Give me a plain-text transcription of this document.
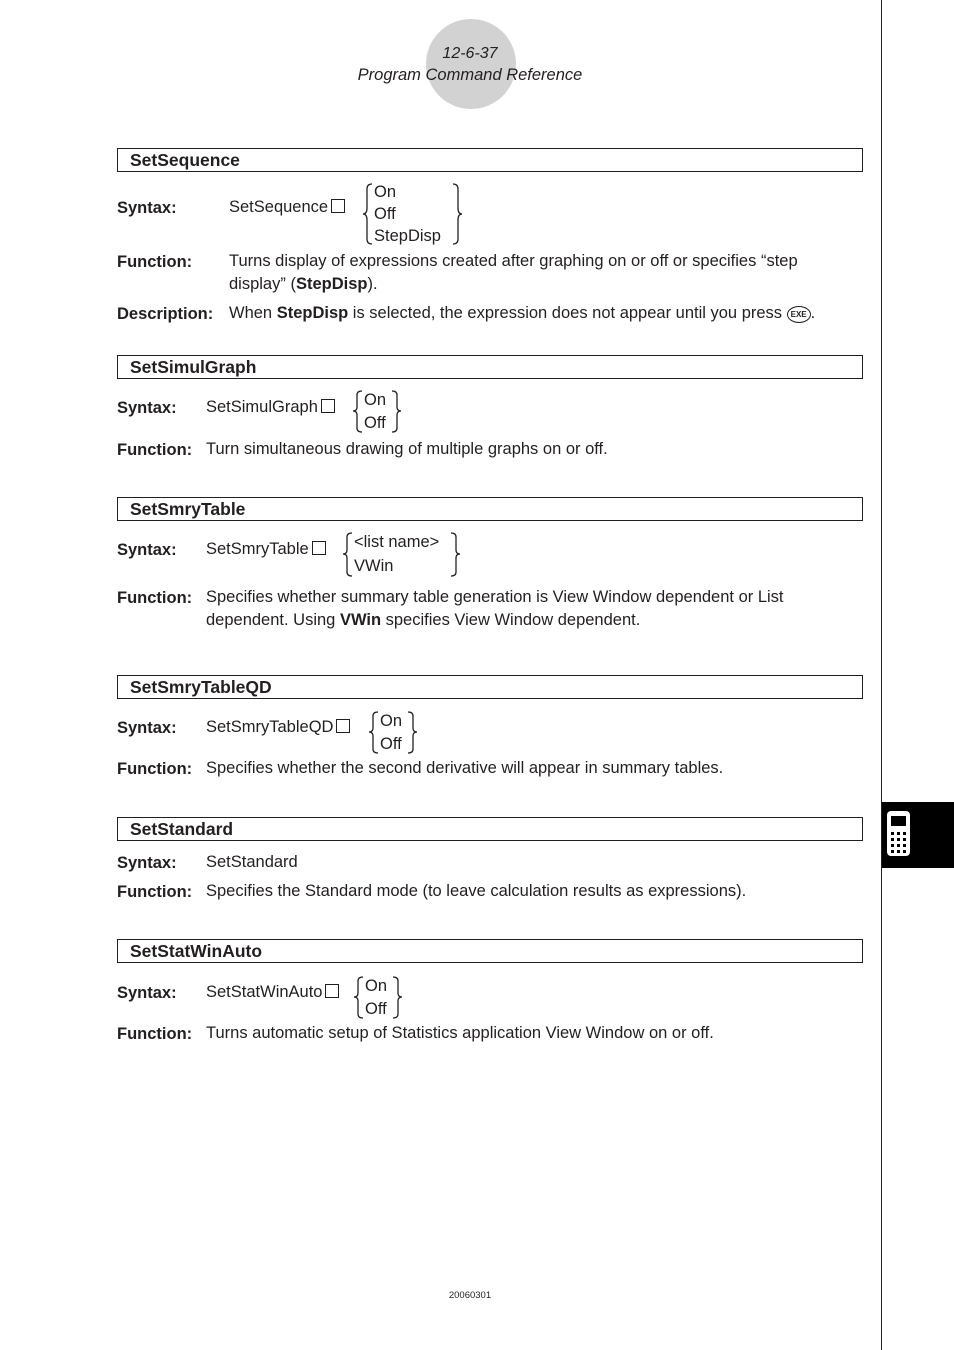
12-6-37
Program Command Reference
SetSequence
Syntax:	SetSequence
On
Off
StepDisp
Function: Turns display of expressions created after graphing on or off or specifies “step
display” (StepDisp).
Description: When StepDisp is selected, the expression does not appear until you press EXE .
SetSimulGraph
Syntax: SetSimulGraph	On
Off
Function: Turn simultaneous drawing of multiple graphs on or off.
SetSmryTable
Syntax: SetSmryTable	<list name>
VWin
Function: Specifies whether summary table generation is View Window dependent or List
dependent. Using VWin specifies View Window dependent.
SetSmryTableQD
Syntax: SetSmryTableQD	On
Off
Function: Specifies whether the second derivative will appear in summary tables.
SetStandard
Syntax: SetStandard
Function: Specifies the Standard mode (to leave calculation results as expressions).
SetStatWinAuto
Syntax: SetStatWinAuto	On
Off
Function: Turns automatic setup of Statistics application View Window on or off.
20060301
